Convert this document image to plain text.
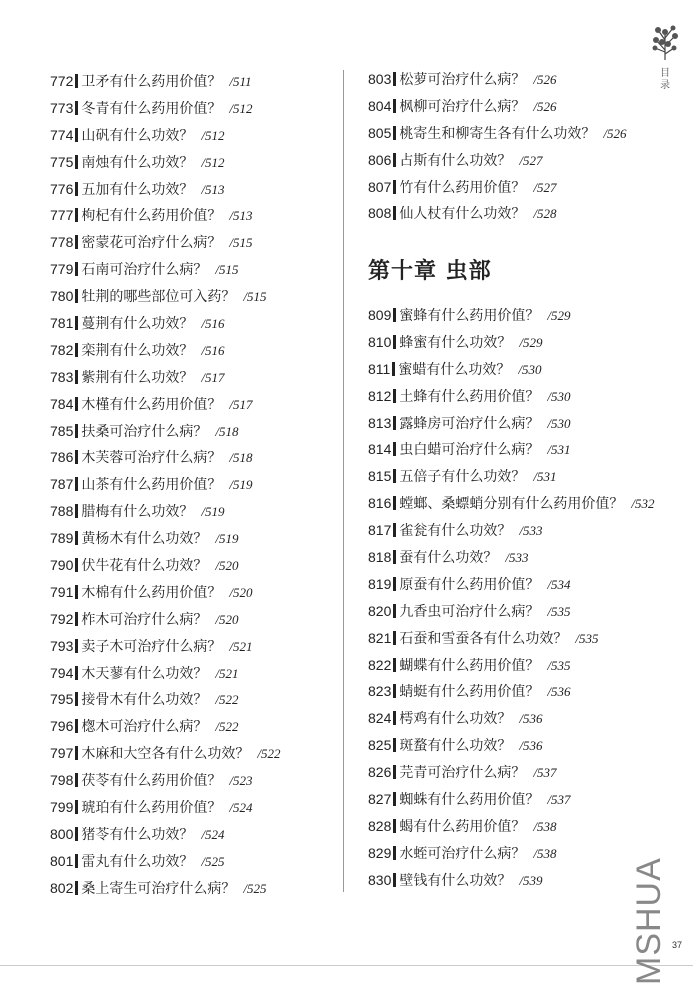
目录
772 卫矛有什么药用价值？ /511
773 冬青有什么药用价值？ /512
774 山矾有什么功效？ /512
775 南烛有什么功效？ /512
776 五加有什么功效？ /513
777 枸杞有什么药用价值？ /513
778 密蒙花可治疗什么病？ /515
779 石南可治疗什么病？ /515
780 牡荆的哪些部位可入药？ /515
781 蔓荆有什么功效？ /516
782 栾荆有什么功效？ /516
783 紫荆有什么功效？ /517
784 木槿有什么药用价值？ /517
785 扶桑可治疗什么病？ /518
786 木芙蓉可治疗什么病？ /518
787 山茶有什么药用价值？ /519
788 腊梅有什么功效？ /519
789 黄杨木有什么功效？ /519
790 伏牛花有什么功效？ /520
791 木棉有什么药用价值？ /520
792 柞木可治疗什么病？ /520
793 卖子木可治疗什么病？ /521
794 木天蓼有什么功效？ /521
795 接骨木有什么功效？ /522
796 楤木可治疗什么病？ /522
797 木麻和大空各有什么功效？ /522
798 茯苓有什么药用价值？ /523
799 琥珀有什么药用价值？ /524
800 猪苓有什么功效？ /524
801 雷丸有什么功效？ /525
802 桑上寄生可治疗什么病？ /525
803 松萝可治疗什么病？ /526
804 枫柳可治疗什么病？ /526
805 桃寄生和柳寄生各有什么功效？ /526
806 占斯有什么功效？ /527
807 竹有什么药用价值？ /527
808 仙人杖有什么功效？ /528
第十章 虫部
809 蜜蜂有什么药用价值？ /529
810 蜂蜜有什么功效？ /529
811 蜜蜡有什么功效？ /530
812 土蜂有什么药用价值？ /530
813 露蜂房可治疗什么病？ /530
814 虫白蜡可治疗什么病？ /531
815 五倍子有什么功效？ /531
816 螳螂、桑螵蛸分别有什么药用价值？ /532
817 雀瓮有什么功效？ /533
818 蚕有什么功效？ /533
819 原蚕有什么药用价值？ /534
820 九香虫可治疗什么病？ /535
821 石蚕和雪蚕各有什么功效？ /535
822 蝴蝶有什么药用价值？ /535
823 蜻蜓有什么药用价值？ /536
824 樗鸡有什么功效？ /536
825 斑蝥有什么功效？ /536
826 芫青可治疗什么病？ /537
827 蜘蛛有什么药用价值？ /537
828 蝎有什么药用价值？ /538
829 水蛭可治疗什么病？ /538
830 壁钱有什么功效？ /539
37
MSHUA
